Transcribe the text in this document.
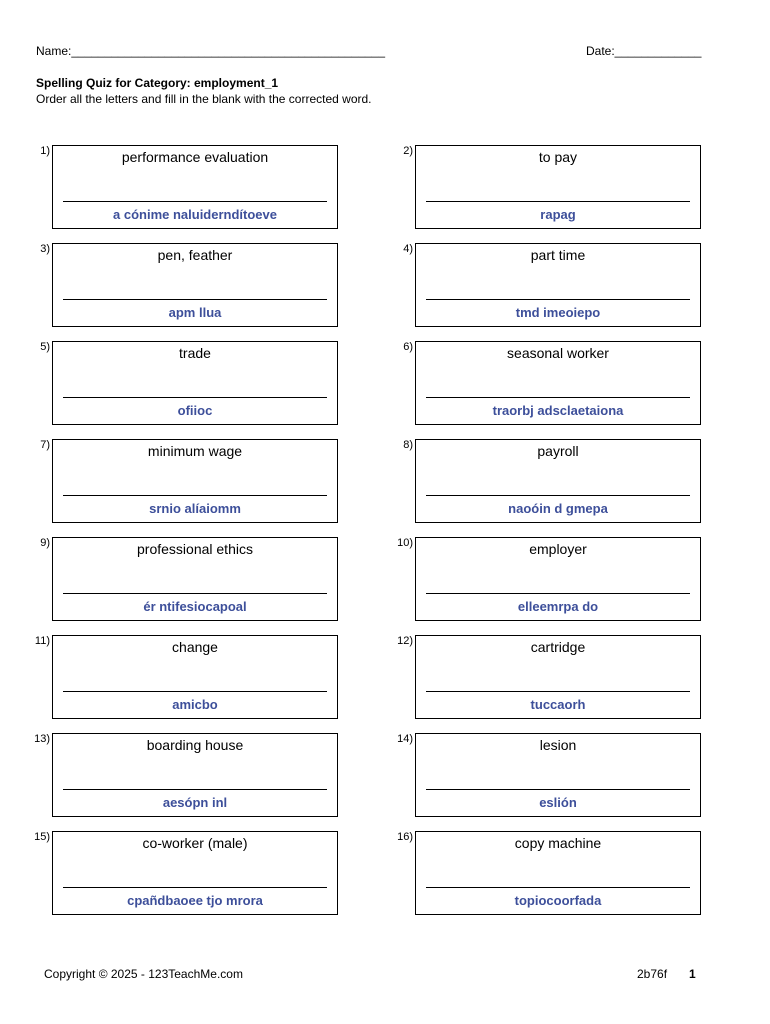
Name:_______________________________________________	Date:_____________
Spelling Quiz for Category: employment_1
Order all the letters and fill in the blank with the corrected word.
1)	performance evaluation
a cónime naluiderndítoeve
2)	to pay
rapag
3)	pen, feather
apm llua
4)	part time
tmd imeoiepo
5)	trade
ofiioc
6)	seasonal worker
traorbj adsclaetaiona
7)	minimum wage
srnio alíaiomm
8)	payroll
naoóin d gmepa
9)	professional ethics
ér ntifesiocapoal
10)	employer
elleemrpa do
11)	change
amicbo
12)	cartridge
tuccaorh
13)	boarding house
aesópn inl
14)	lesion
eslión
15)	co-worker (male)
cpañdbaoee tjo mrora
16)	copy machine
topiocoorfada
Copyright © 2025 - 123TeachMe.com	2b76f 1
